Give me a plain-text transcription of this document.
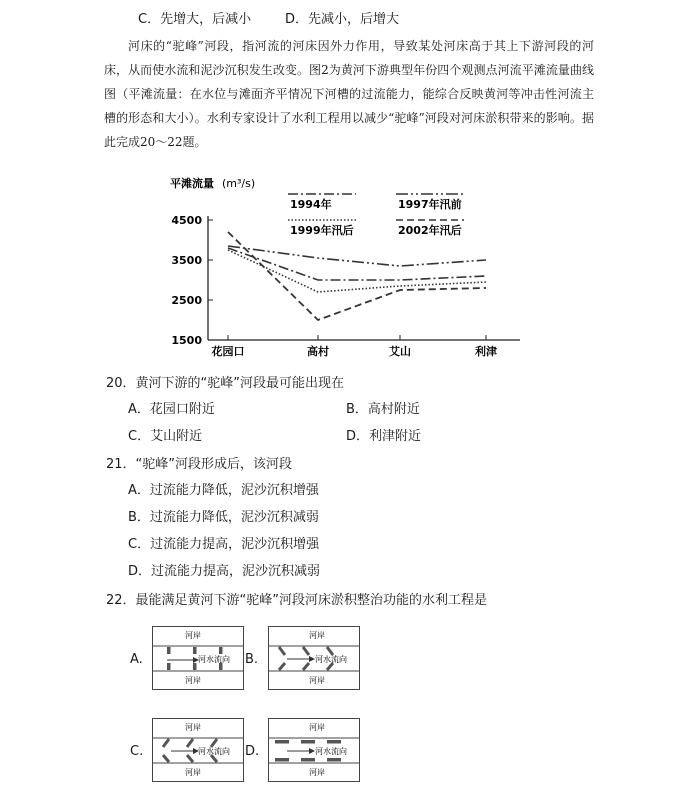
C．先增大，后减小	D．先减小，后增大
河床的“驼峰”河段，指河流的河床因外力作用，导致某处河床高于其上下游河段的河床，从而使水流和泥沙沉积发生改变。图2为黄河下游典型年份四个观测点河流平滩流量曲线图（平滩流量：在水位与滩面齐平情况下河槽的过流能力，能综合反映黄河等冲击性河流主槽的形态和大小）。水利专家设计了水利工程用以减少“驼峰”河段对河床淤积带来的影响。据此完成20～22题。
平滩流量 (m³/s)
4500
3500
2500
1500
花园口	高村	艾山	利津
1994年	1997年汛前
1999年汛后	2002年汛后
20．黄河下游的“驼峰”河段最可能出现在
A．花园口附近	B．高村附近
C．艾山附近	D．利津附近
21．“驼峰”河段形成后，该河段
A．过流能力降低，泥沙沉积增强
B．过流能力降低，泥沙沉积减弱
C．过流能力提高，泥沙沉积增强
D．过流能力提高，泥沙沉积减弱
22．最能满足黄河下游“驼峰”河段河床淤积整治功能的水利工程是
A.	B.
C.	D.
河岸
河水流向
河岸
河岸
河水流向
河岸
河岸
河水流向
河岸
河岸
河水流向
河岸
